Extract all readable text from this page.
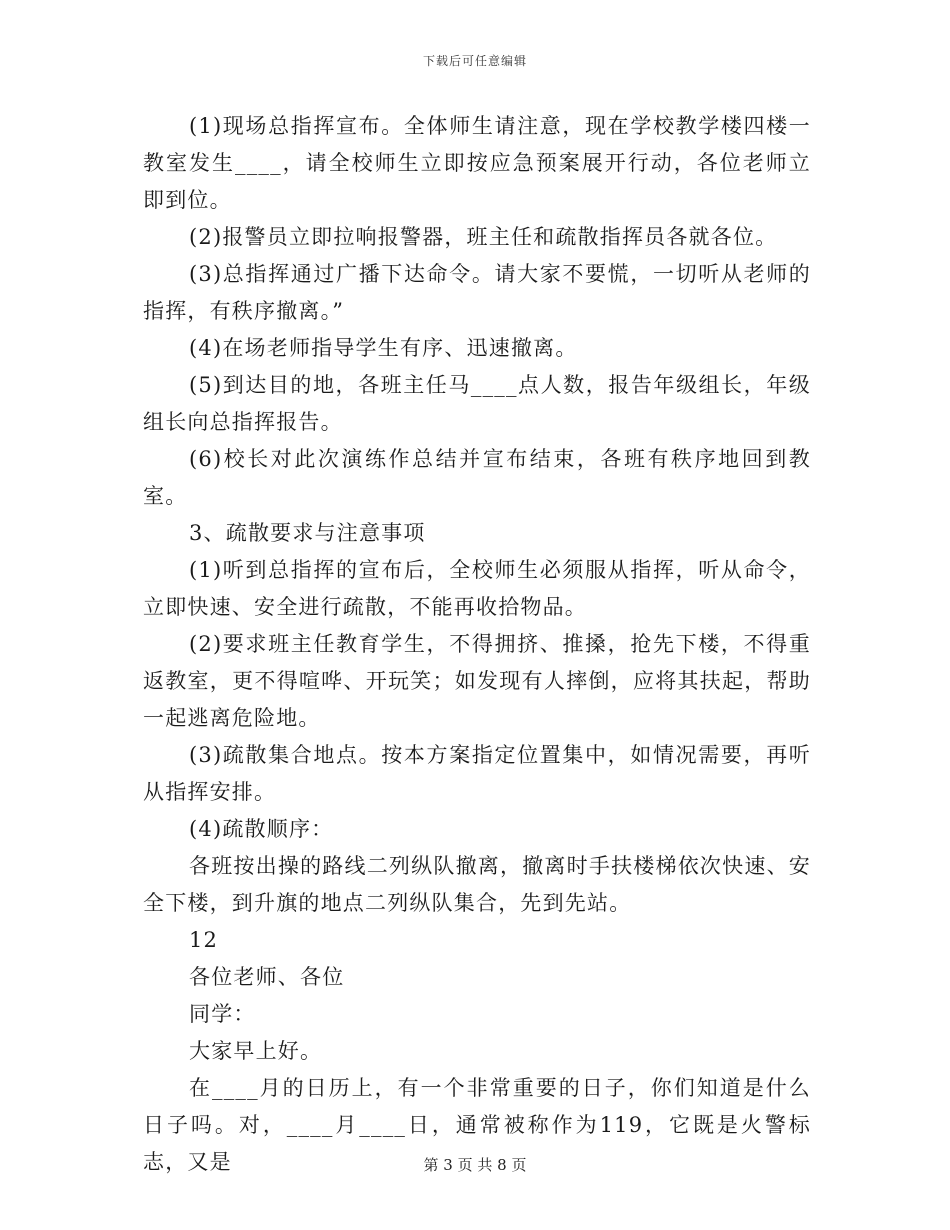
下载后可任意编辑

(1)现场总指挥宣布。全体师生请注意，现在学校教学楼四楼一教室发生____，请全校师生立即按应急预案展开行动，各位老师立即到位。

(2)报警员立即拉响报警器，班主任和疏散指挥员各就各位。

(3)总指挥通过广播下达命令。请大家不要慌，一切听从老师的指挥，有秩序撤离。”

(4)在场老师指导学生有序、迅速撤离。

(5)到达目的地，各班主任马____点人数，报告年级组长，年级组长向总指挥报告。

(6)校长对此次演练作总结并宣布结束，各班有秩序地回到教室。

3、疏散要求与注意事项

(1)听到总指挥的宣布后，全校师生必须服从指挥，听从命令，立即快速、安全进行疏散，不能再收拾物品。

(2)要求班主任教育学生，不得拥挤、推搡，抢先下楼，不得重返教室，更不得喧哗、开玩笑；如发现有人摔倒，应将其扶起，帮助一起逃离危险地。

(3)疏散集合地点。按本方案指定位置集中，如情况需要，再听从指挥安排。

(4)疏散顺序：

各班按出操的路线二列纵队撤离，撤离时手扶楼梯依次快速、安全下楼，到升旗的地点二列纵队集合，先到先站。

12

各位老师、各位

同学：

大家早上好。

在____月的日历上，有一个非常重要的日子，你们知道是什么日子吗。对，____月____日，通常被称作为119，它既是火警标志，又是	第 3 页 共 8 页
